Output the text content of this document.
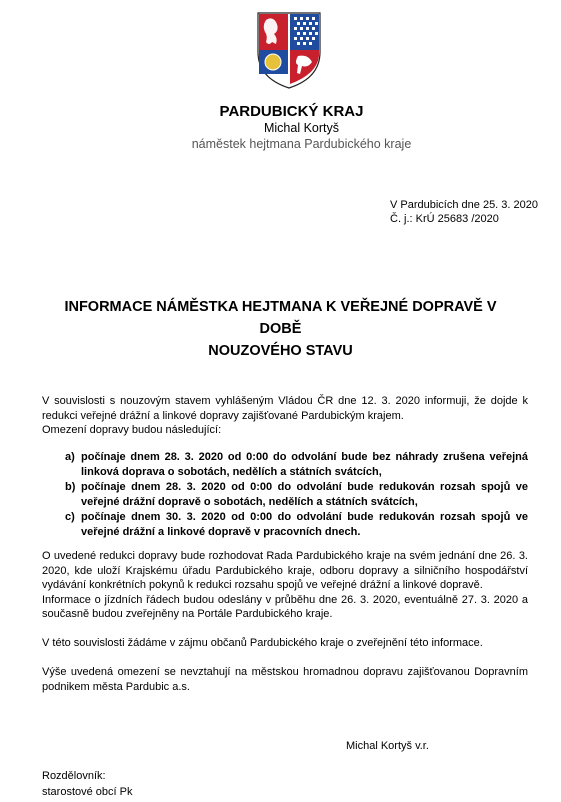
PARDUBICKÝ KRAJ
Michal Kortyš
náměstek hejtmana Pardubického kraje
V Pardubicích dne 25. 3. 2020
Č. j.: KrÚ 25683 /2020
INFORMACE NÁMĚSTKA HEJTMANA K VEŘEJNÉ DOPRAVĚ V DOBĚ
NOUZOVÉHO STAVU
V souvislosti s nouzovým stavem vyhlášeným Vládou ČR dne 12. 3. 2020 informuji, že dojde k redukci veřejné drážní a linkové dopravy zajišťované Pardubickým krajem.
Omezení dopravy budou následující:
a) počínaje dnem 28. 3. 2020 od 0:00 do odvolání bude bez náhrady zrušena veřejná linková doprava o sobotách, nedělích a státních svátcích,
b) počínaje dnem 28. 3. 2020 od 0:00 do odvolání bude redukován rozsah spojů ve veřejné drážní dopravě o sobotách, nedělích a státních svátcích,
c) počínaje dnem 30. 3. 2020 od 0:00 do odvolání bude redukován rozsah spojů ve veřejné drážní a linkové dopravě v pracovních dnech.
O uvedené redukci dopravy bude rozhodovat Rada Pardubického kraje na svém jednání dne 26. 3. 2020, kde uloží Krajskému úřadu Pardubického kraje, odboru dopravy a silničního hospodářství vydávání konkrétních pokynů k redukci rozsahu spojů ve veřejné drážní a linkové dopravě.
Informace o jízdních řádech budou odeslány v průběhu dne 26. 3. 2020, eventuálně 27. 3. 2020 a současně budou zveřejněny na Portále Pardubického kraje.
V této souvislosti žádáme v zájmu občanů Pardubického kraje o zveřejnění této informace.
Výše uvedená omezení se nevztahují na městskou hromadnou dopravu zajišťovanou Dopravním podnikem města Pardubic a.s.
Michal Kortyš v.r.
Rozdělovník:
starostové obcí Pk
